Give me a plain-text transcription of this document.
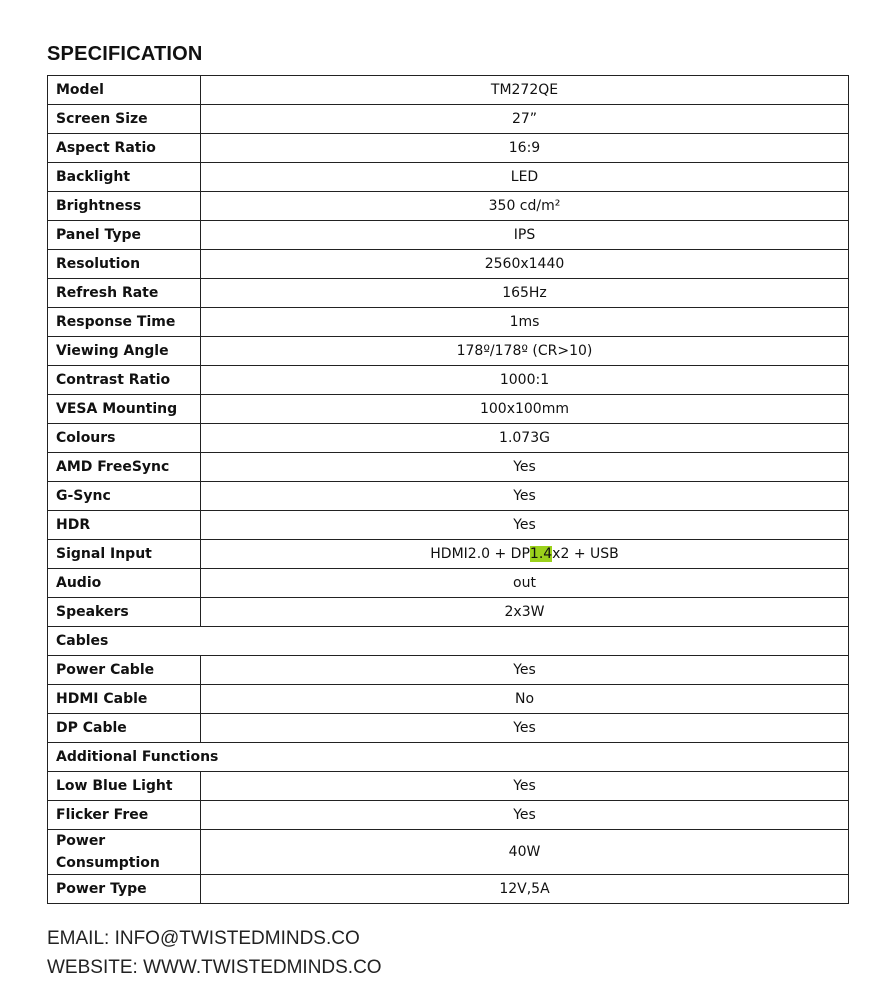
SPECIFICATION
Model	TM272QE
Screen Size	27”
Aspect Ratio	16:9
Backlight	LED
Brightness	350 cd/m²
Panel Type	IPS
Resolution	2560x1440
Refresh Rate	165Hz
Response Time	1ms
Viewing Angle	178º/178º (CR>10)
Contrast Ratio	1000:1
VESA Mounting	100x100mm
Colours	1.073G
AMD FreeSync	Yes
G-Sync	Yes
HDR	Yes
Signal Input	HDMI2.0 + DP1.4x2 + USB
Audio	out
Speakers	2x3W
Cables	
Power Cable	Yes
HDMI Cable	No
DP Cable	Yes
Additional Functions	
Low Blue Light	Yes
Flicker Free	Yes
Power
Consumption	40W
Power Type	12V,5A
EMAIL: INFO@TWISTEDMINDS.CO
WEBSITE: WWW.TWISTEDMINDS.CO
